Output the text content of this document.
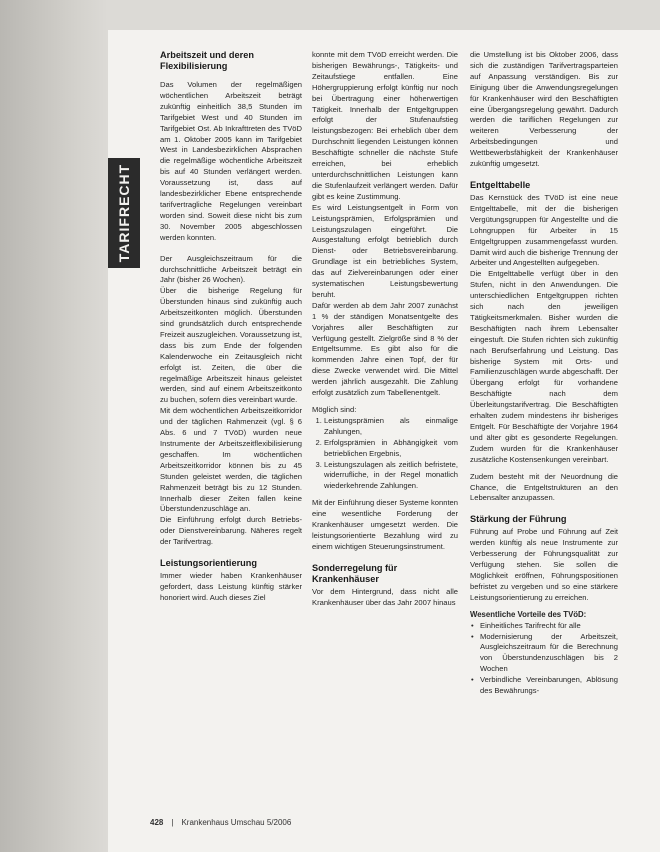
TARIFRECHT
Arbeitszeit und deren Flexibilisierung

Das Volumen der regelmäßigen wöchentlichen Arbeitszeit beträgt zukünftig einheitlich 38,5 Stunden im Tarifgebiet West und 40 Stunden im Tarifgebiet Ost. Ab Inkrafttreten des TVöD am 1. Oktober 2005 kann im Tarifgebiet West in Landesbezirklichen Absprachen die regelmäßige wöchentliche Arbeitszeit bis auf 40 Stunden verlängert werden. Voraussetzung ist, dass auf landesbezirklicher Ebene entsprechende tarifvertragliche Regelungen vereinbart worden sind. Soweit diese nicht bis zum 30. November 2005 abgeschlossen werden konnten.

Der Ausgleichszeitraum für die durchschnittliche Arbeitszeit beträgt ein Jahr (bisher 26 Wochen).

Über die bisherige Regelung für Überstunden hinaus sind zukünftig auch Arbeitszeitkonten möglich. Überstunden sind grundsätzlich durch entsprechende Freizeit auszugleichen. Voraussetzung ist, dass bis zum Ende der folgenden Kalenderwoche ein Zeitausgleich nicht erfolgt ist. Zeiten, die über die regelmäßige Arbeitszeit hinaus geleistet werden, sind auf einem Arbeitszeitkonto zu buchen, sofern dies vereinbart wurde.

Mit dem wöchentlichen Arbeitszeitkorridor und der täglichen Rahmenzeit (vgl. § 6 Abs. 6 und 7 TVöD) wurden neue Instrumente der Arbeitszeitflexibilisierung geschaffen. Im wöchentlichen Arbeitszeitkorridor können bis zu 45 Stunden geleistet werden, die täglichen Rahmenzeit beträgt bis zu 12 Stunden. Innerhalb dieser Zeiten fallen keine Überstundenzuschläge an.

Die Einführung erfolgt durch Betriebs- oder Dienstvereinbarung. Näheres regelt der Tarifvertrag.

Leistungsorientierung

Immer wieder haben Krankenhäuser gefordert, dass Leistung künftig stärker honoriert wird. Auch dieses Ziel

konnte mit dem TVöD erreicht werden. Die bisherigen Bewährungs-, Tätigkeits- und Zeitaufstiege entfallen. Eine Höhergruppierung erfolgt künftig nur noch bei Übertragung einer höherwertigen Tätigkeit. Innerhalb der Entgeltgruppen erfolgt der Stufenaufstieg leistungsbezogen: Bei erheblich über dem Durchschnitt liegenden Leistungen können Beschäftigte schneller die nächste Stufe erreichen, bei erheblich unterdurchschnittlichen Leistungen kann die Stufenlaufzeit verlängert werden. Dafür gibt es keine Zustimmung.

Es wird Leistungsentgelt in Form von Leistungsprämien, Erfolgsprämien und Leistungszulagen eingeführt. Die Ausgestaltung erfolgt betrieblich durch Dienst- oder Betriebsvereinbarung. Grundlage ist ein betriebliches System, das auf Zielvereinbarungen oder einer systematischen Leistungsbewertung beruht.

Dafür werden ab dem Jahr 2007 zunächst 1 % der ständigen Monatsentgelte des Vorjahres aller Beschäftigten zur Verfügung gestellt. Zielgröße sind 8 % der Entgeltsumme. Es gibt also für die kommenden Jahre einen Topf, der für diese Zwecke verwendet wird. Die Mittel werden jährlich ausgezahlt. Die Zahlung erfolgt zusätzlich zum Tabellenentgelt.

Möglich sind:

1. Leistungsprämien als einmalige Zahlungen,
2. Erfolgsprämien in Abhängigkeit vom betrieblichen Ergebnis,
3. Leistungszulagen als zeitlich befristete, widerrufliche, in der Regel monatlich wiederkehrende Zahlungen.

Mit der Einführung dieser Systeme konnten eine wesentliche Forderung der Krankenhäuser umgesetzt werden. Die leistungsorientierte Bezahlung wird zu einem wichtigen Steuerungsinstrument.

Sonderregelung für Krankenhäuser

Vor dem Hintergrund, dass nicht alle Krankenhäuser über das Jahr 2007 hinaus

die Umstellung ist bis Oktober 2006, dass sich die zuständigen Tarifvertragsparteien auf Anpassung verständigen. Bis zur Einigung über die Anwendungsregelungen für Krankenhäuser wird den Beschäftigten eine Übergangsregelung gewährt. Dadurch werden die tariflichen Regelungen zur weiteren Verbesserung der Arbeitsbedingungen und Wettbewerbsfähigkeit der Krankenhäuser zukünftig umgesetzt.

Entgelttabelle

Das Kernstück des TVöD ist eine neue Entgelttabelle, mit der die bisherigen Vergütungsgruppen für Angestellte und die Lohngruppen für Arbeiter in 15 Entgeltgruppen zusammengefasst wurden. Damit wird auch die bisherige Trennung der Arbeiter und Angestellten aufgegeben.

Die Entgelttabelle verfügt über in den Stufen, nicht in den Anwendungen. Die unterschiedlichen Entgeltgruppen richten sich nach den jeweiligen Tätigkeitsmerkmalen. Bisher wurden die Beschäftigten nach ihrem Lebensalter eingestuft. Die Stufen richten sich zukünftig nach Berufserfahrung und Leistung. Das bisherige System mit Orts- und Familienzuschlägen wurde abgeschafft. Der Übergang erfolgt für vorhandene Beschäftigte nach dem Überleitungstarifvertrag. Die Beschäftigten erhalten zudem mindestens ihr bisheriges Entgelt. Für Beschäftigte der Vorjahre 1964 und älter gibt es gesonderte Regelungen. Zudem wurden für die Krankenhäuser zusätzliche Kostensenkungen vereinbart.

Zudem besteht mit der Neuordnung die Chance, die Entgeltstrukturen an den Lebensalter anzupassen.

Stärkung der Führung

Führung auf Probe und Führung auf Zeit werden künftig als neue Instrumente zur Verbesserung der Führungsqualität zur Verfügung stehen. Sie sollen die Möglichkeit eröffnen, Führungspositionen befristet zu vergeben und so eine stärkere Leistungsorientierung zu erreichen.

Wesentliche Vorteile des TVöD:
• Einheitliches Tarifrecht für alle
• Modernisierung der Arbeitszeit, Ausgleichszeitraum für die Berechnung von Überstundenzuschlägen bis 2 Wochen
• Verbindliche Vereinbarungen, Ablösung des Bewährungs-
428 | Krankenhaus Umschau 5/2006
